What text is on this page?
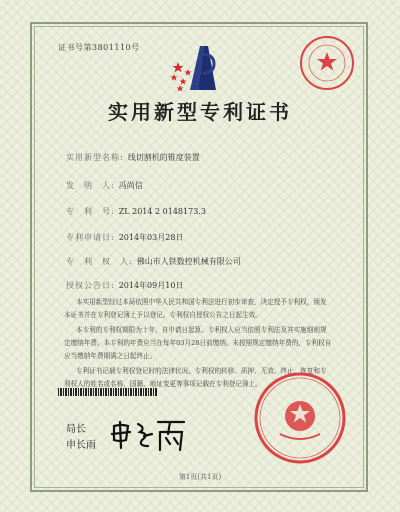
证书号第3801110号
实用新型专利证书
实用新型名称: 线切割机的锥度装置
发　明　人: 冯尚信
专　利　号: ZL 2014 2 0148173.3
专利申请日: 2014年03月28日
专　利　权　人: 佛山市人铁数控机械有限公司
授权公告日: 2014年09月10日

本实用新型经过本局依照中华人民共和国专利法进行初步审查，决定授予专利权，颁发本证书并在专利登记簿上予以登记。专利权自授权公告之日起生效。

本专利的专利权期限为十年，自申请日起算。专利权人应当依照专利法及其实施细则规定缴纳年费。本专利的年费应当在每年03月28日前缴纳。未按照规定缴纳年费的，专利权自应当缴纳年费期满之日起终止。

专利证书记载专利权登记时的法律状况。专利权的转移、质押、无效、终止、恢复和专利权人的姓名或名称、国籍、地址变更等事项记载在专利登记簿上。

局长
申长雨
第1页(共1页)
